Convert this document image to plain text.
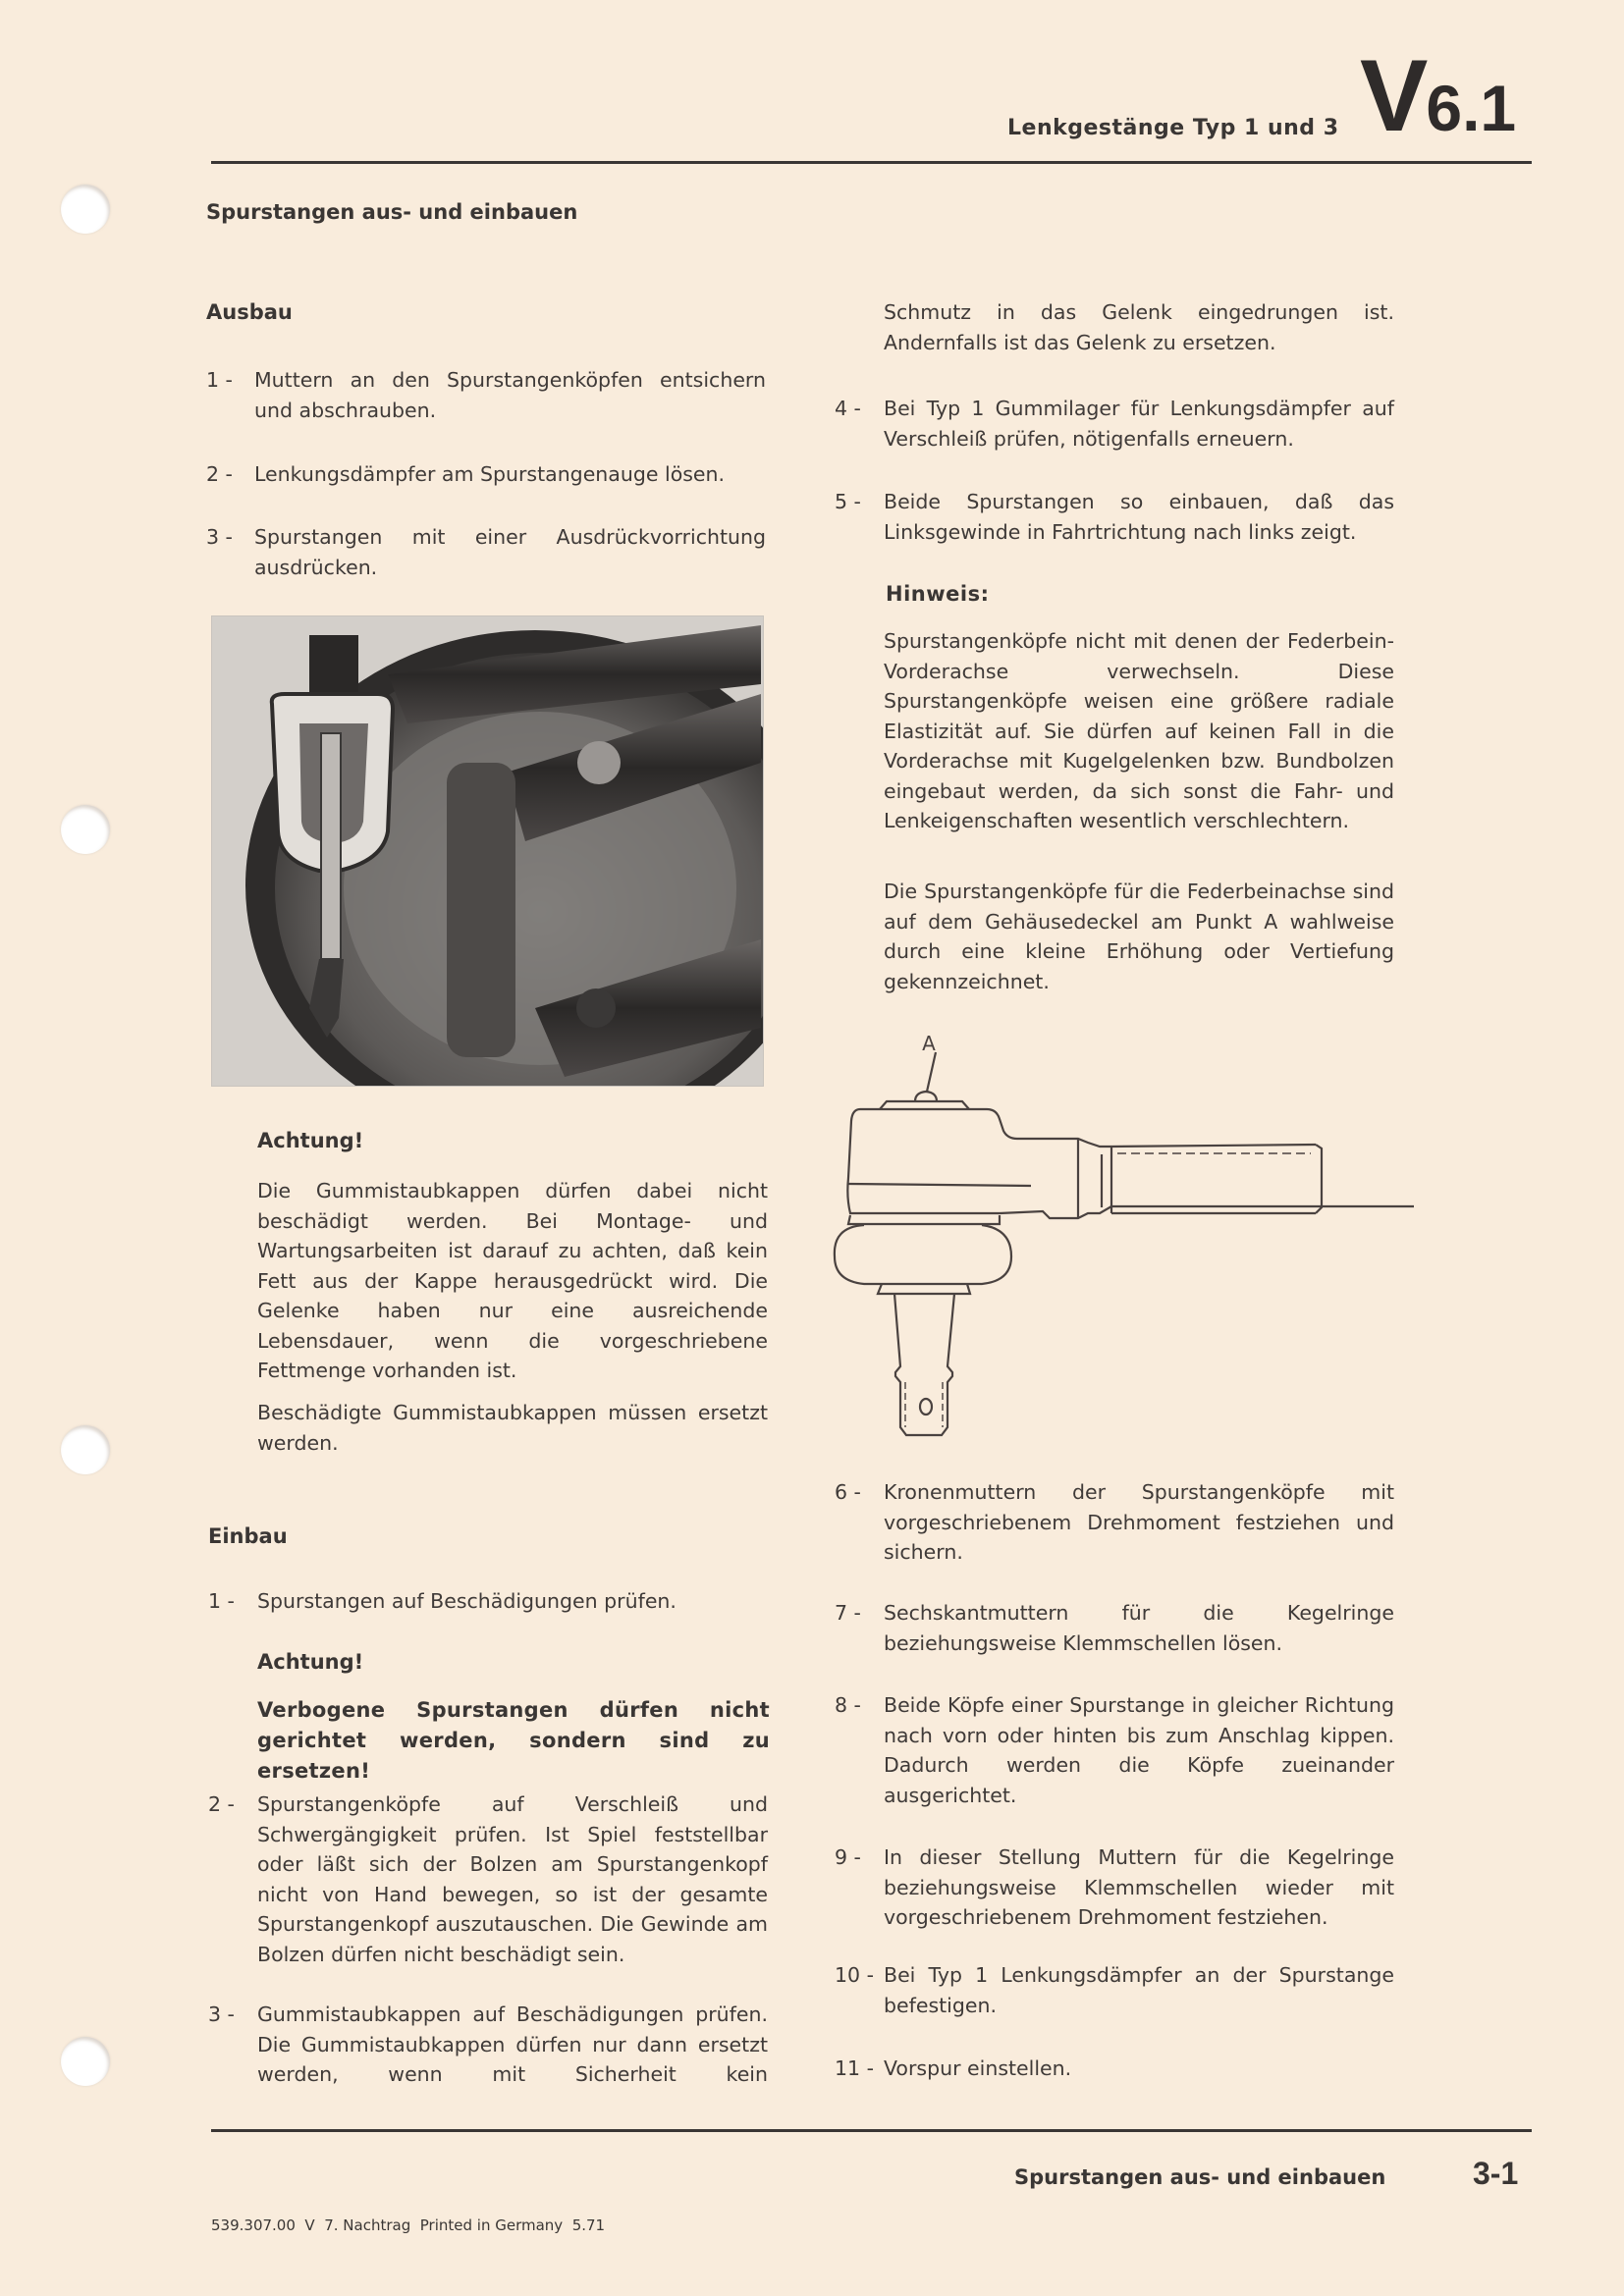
Lenkgestänge Typ 1 und 3 V6.1
Spurstangen aus- und einbauen
Ausbau
1 - Muttern an den Spurstangenköpfen entsichern und abschrauben.
2 - Lenkungsdämpfer am Spurstangenauge lösen.
3 - Spurstangen mit einer Ausdrückvorrichtung ausdrücken.
Achtung!
Die Gummistaubkappen dürfen dabei nicht beschädigt werden. Bei Montage- und Wartungsarbeiten ist darauf zu achten, daß kein Fett aus der Kappe herausgedrückt wird. Die Gelenke haben nur eine ausreichende Lebensdauer, wenn die vorgeschriebene Fettmenge vorhanden ist.
Beschädigte Gummistaubkappen müssen ersetzt werden.
Einbau
1 - Spurstangen auf Beschädigungen prüfen.
Achtung!
Verbogene Spurstangen dürfen nicht gerichtet werden, sondern sind zu ersetzen!
2 - Spurstangenköpfe auf Verschleiß und Schwergängigkeit prüfen. Ist Spiel feststellbar oder läßt sich der Bolzen am Spurstangenkopf nicht von Hand bewegen, so ist der gesamte Spurstangenkopf auszutauschen. Die Gewinde am Bolzen dürfen nicht beschädigt sein.
3 - Gummistaubkappen auf Beschädigungen prüfen. Die Gummistaubkappen dürfen nur dann ersetzt werden, wenn mit Sicherheit kein
Schmutz in das Gelenk eingedrungen ist. Andernfalls ist das Gelenk zu ersetzen.
4 - Bei Typ 1 Gummilager für Lenkungsdämpfer auf Verschleiß prüfen, nötigenfalls erneuern.
5 - Beide Spurstangen so einbauen, daß das Linksgewinde in Fahrtrichtung nach links zeigt.
Hinweis:
Spurstangenköpfe nicht mit denen der Federbein-Vorderachse verwechseln. Diese Spurstangenköpfe weisen eine größere radiale Elastizität auf. Sie dürfen auf keinen Fall in die Vorderachse mit Kugelgelenken bzw. Bundbolzen eingebaut werden, da sich sonst die Fahr- und Lenkeigenschaften wesentlich verschlechtern.
Die Spurstangenköpfe für die Federbeinachse sind auf dem Gehäusedeckel am Punkt A wahlweise durch eine kleine Erhöhung oder Vertiefung gekennzeichnet.
A
6 - Kronenmuttern der Spurstangenköpfe mit vorgeschriebenem Drehmoment festziehen und sichern.
7 - Sechskantmuttern für die Kegelringe beziehungsweise Klemmschellen lösen.
8 - Beide Köpfe einer Spurstange in gleicher Richtung nach vorn oder hinten bis zum Anschlag kippen. Dadurch werden die Köpfe zueinander ausgerichtet.
9 - In dieser Stellung Muttern für die Kegelringe beziehungsweise Klemmschellen wieder mit vorgeschriebenem Drehmoment festziehen.
10 - Bei Typ 1 Lenkungsdämpfer an der Spurstange befestigen.
11 - Vorspur einstellen.
Spurstangen aus- und einbauen	3-1
539.307.00  V  7. Nachtrag  Printed in Germany  5.71
